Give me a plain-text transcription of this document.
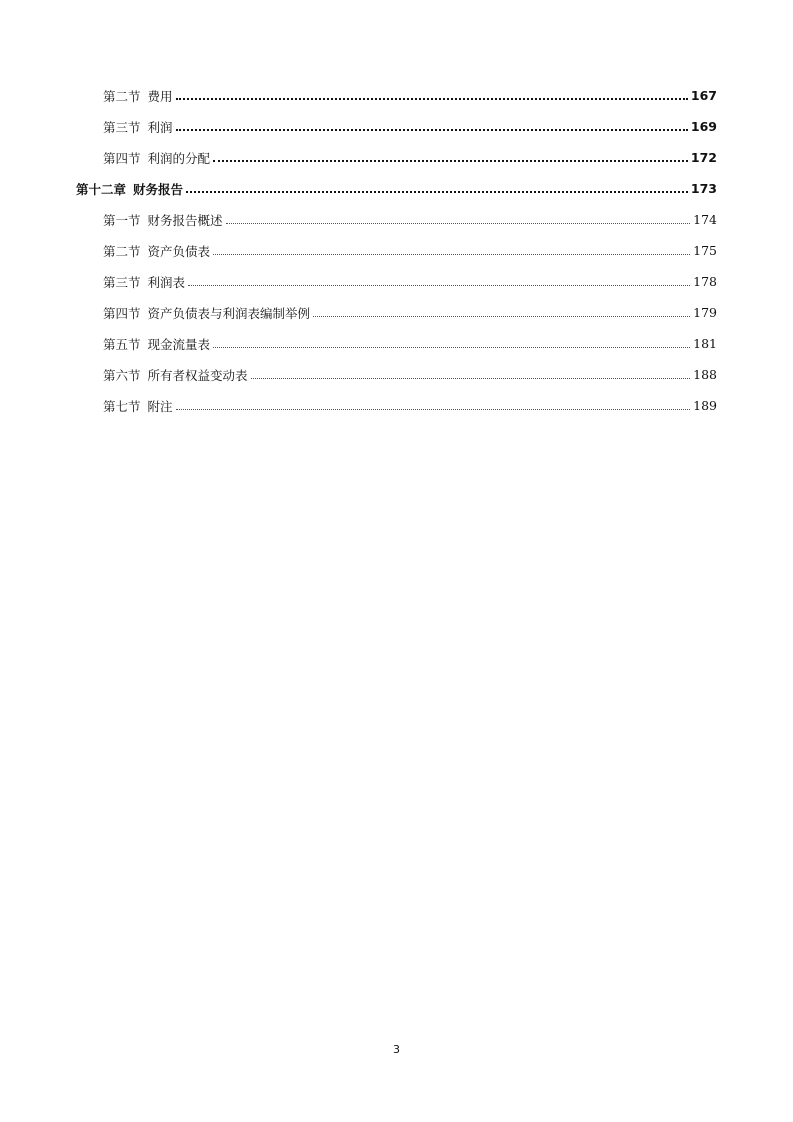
第二节 费用	167
第三节 利润	169
第四节 利润的分配	172
第十二章 财务报告	173
第一节 财务报告概述	174
第二节 资产负债表	175
第三节 利润表	178
第四节 资产负债表与利润表编制举例	179
第五节 现金流量表	181
第六节 所有者权益变动表	188
第七节 附注	189
3
